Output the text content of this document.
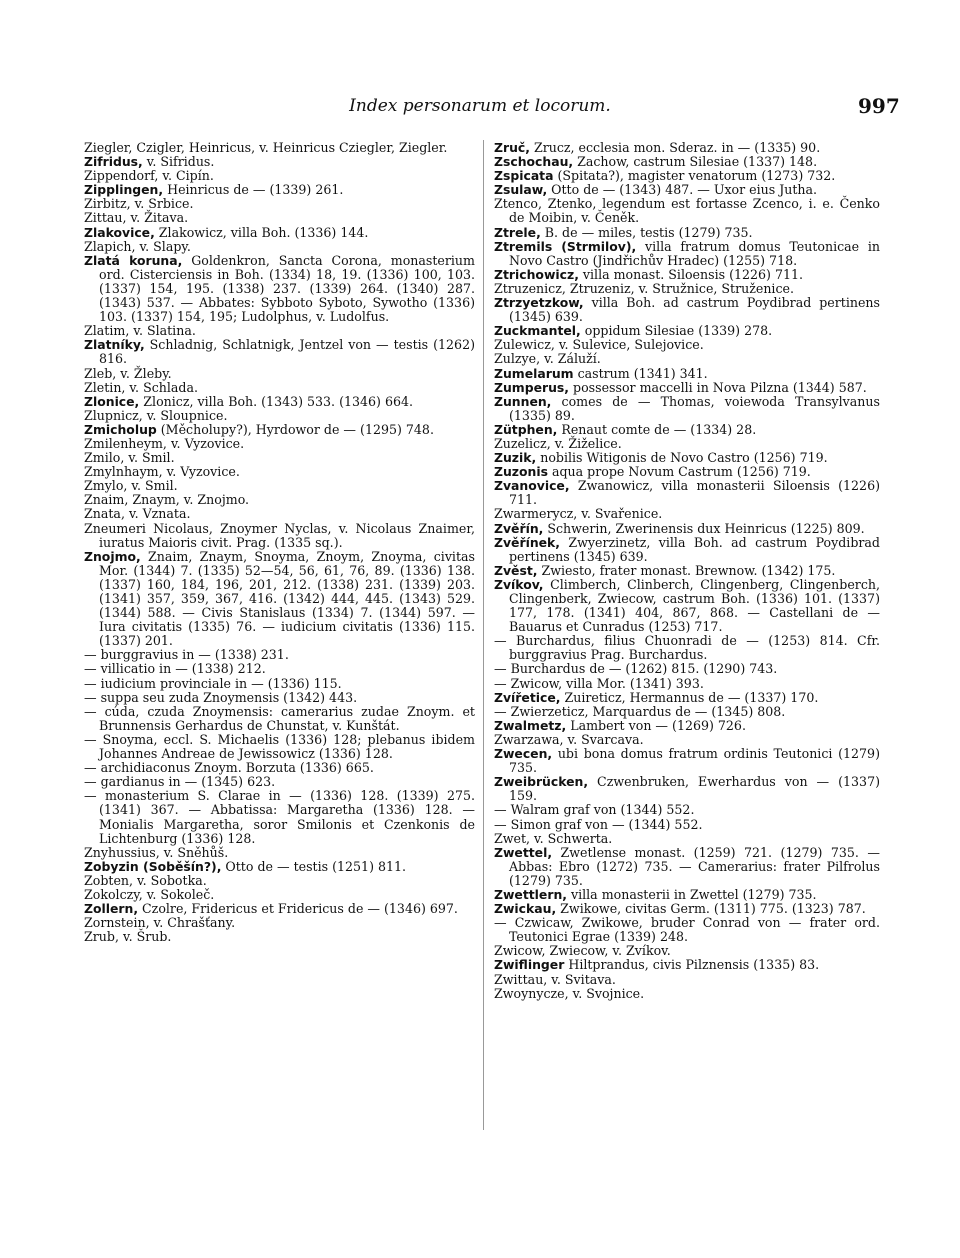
Index personarum et locorum.	997

Ziegler, Czigler, Heinricus, v. Heinricus Cziegler, Ziegler.

Zifridus, v. Sifridus.

Zippendorf, v. Cipín.

Zipplingen, Heinricus de — (1339) 261.

Zirbitz, v. Srbice.

Zittau, v. Žitava.

Zlakovice, Zlakowicz, villa Boh. (1336) 144.

Zlapich, v. Slapy.

Zlatá koruna, Goldenkron, Sancta Corona, monasterium ord. Cisterciensis in Boh. (1334) 18, 19. (1336) 100, 103. (1337) 154, 195. (1338) 237. (1339) 264. (1340) 287. (1343) 537. — Abbates: Sybboto Syboto, Sywotho (1336) 103. (1337) 154, 195; Ludolphus, v. Ludolfus.

Zlatim, v. Slatina.

Zlatníky, Schladnig, Schlatnigk, Jentzel von — testis (1262) 816.

Zleb, v. Žleby.

Zletin, v. Schlada.

Zlonice, Zlonicz, villa Boh. (1343) 533. (1346) 664.

Zlupnicz, v. Sloupnice.

Zmicholup (Měcholupy?), Hyrdowor de — (1295) 748.

Zmilenheym, v. Vyzovice.

Zmilo, v. Smil.

Zmylnhaym, v. Vyzovice.

Zmylo, v. Smil.

Znaim, Znaym, v. Znojmo.

Znata, v. Vznata.

Zneumeri Nicolaus, Znoymer Nyclas, v. Nicolaus Znaimer, iuratus Maioris civit. Prag. (1335 sq.).

Znojmo, Znaim, Znaym, Snoyma, Znoym, Znoyma, civitas Mor. (1344) 7. (1335) 52—54, 56, 61, 76, 89. (1336) 138. (1337) 160, 184, 196, 201, 212. (1338) 231. (1339) 203. (1341) 357, 359, 367, 416. (1342) 444, 445. (1343) 529. (1344) 588. — Civis Stanislaus (1334) 7. (1344) 597. — Iura civitatis (1335) 76. — iudicium civitatis (1336) 115. (1337) 201.

— burggravius in — (1338) 231.

— villicatio in — (1338) 212.

— iudicium provinciale in — (1336) 115.

— suppa seu zuda Znoymensis (1342) 443.

— cúda, czuda Znoymensis: camerarius zudae Znoym. et Brunnensis Gerhardus de Chunstat, v. Kunštát.

— Snoyma, eccl. S. Michaelis (1336) 128; plebanus ibidem Johannes Andreae de Jewissowicz (1336) 128.

— archidiaconus Znoym. Borzuta (1336) 665.

— gardianus in — (1345) 623.

— monasterium S. Clarae in — (1336) 128. (1339) 275. (1341) 367. — Abbatissa: Margaretha (1336) 128. — Monialis Margaretha, soror Smilonis et Czenkonis de Lichtenburg (1336) 128.

Znyhussius, v. Sněhůš.

Zobyzin (Soběšín?), Otto de — testis (1251) 811.

Zobten, v. Sobotka.

Zokolczy, v. Sokoleč.

Zollern, Czolre, Fridericus et Fridericus de — (1346) 697.

Zornstein, v. Chrašťany.

Zrub, v. Šrub.

Zruč, Zrucz, ecclesia mon. Sderaz. in — (1335) 90.

Zschochau, Zachow, castrum Silesiae (1337) 148.

Zspicata (Spitata?), magister venatorum (1273) 732.

Zsulaw, Otto de — (1343) 487. — Uxor eius Jutha.

Ztenco, Ztenko, legendum est fortasse Zcenco, i. e. Čenko de Moibin, v. Čeněk.

Ztrele, B. de — miles, testis (1279) 735.

Ztremils (Strmilov), villa fratrum domus Teutonicae in Novo Castro (Jindřichův Hradec) (1255) 718.

Ztrichowicz, villa monast. Siloensis (1226) 711.

Ztruzenicz, Ztruzeniz, v. Stružnice, Struženice.

Ztrzyetzkow, villa Boh. ad castrum Poydibrad pertinens (1345) 639.

Zuckmantel, oppidum Silesiae (1339) 278.

Zulewicz, v. Sulevice, Sulejovice.

Zulzye, v. Záluží.

Zumelarum castrum (1341) 341.

Zumperus, possessor maccelli in Nova Pilzna (1344) 587.

Zunnen, comes de — Thomas, voiewoda Transylvanus (1335) 89.

Zütphen, Renaut comte de — (1334) 28.

Zuzelicz, v. Žiželice.

Zuzik, nobilis Witigonis de Novo Castro (1256) 719.

Zuzonis aqua prope Novum Castrum (1256) 719.

Zvanovice, Zwanowicz, villa monasterii Siloensis (1226) 711.

Zwarmerycz, v. Svařenice.

Zvěřín, Schwerin, Zwerinensis dux Heinricus (1225) 809.

Zvěřínek, Zwyerzinetz, villa Boh. ad castrum Poydibrad pertinens (1345) 639.

Zvěst, Zwiesto, frater monast. Brewnow. (1342) 175.

Zvíkov, Climberch, Clinberch, Clingenberg, Clingenberch, Clingenberk, Zwiecow, castrum Boh. (1336) 101. (1337) 177, 178. (1341) 404, 867, 868. — Castellani de — Bauarus et Cunradus (1253) 717.

— Burchardus, filius Chuonradi de — (1253) 814. Cfr. burggravius Prag. Burchardus.

— Burchardus de — (1262) 815. (1290) 743.

— Zwicow, villa Mor. (1341) 393.

Zvířetice, Zuireticz, Hermannus de — (1337) 170.

— Zwierzeticz, Marquardus de — (1345) 808.

Zwalmetz, Lambert von — (1269) 726.

Zwarzawa, v. Svarcava.

Zwecen, ubi bona domus fratrum ordinis Teutonici (1279) 735.

Zweibrücken, Czwenbruken, Ewerhardus von — (1337) 159.

— Walram graf von (1344) 552.

— Simon graf von — (1344) 552.

Zwet, v. Schwerta.

Zwettel, Zwetlense monast. (1259) 721. (1279) 735. — Abbas: Ebro (1272) 735. — Camerarius: frater Pilfrolus (1279) 735.

Zwettlern, villa monasterii in Zwettel (1279) 735.

Zwickau, Zwikowe, civitas Germ. (1311) 775. (1323) 787.

— Czwicaw, Zwikowe, bruder Conrad von — frater ord. Teutonici Egrae (1339) 248.

Zwicow, Zwiecow, v. Zvíkov.

Zwiflinger Hiltprandus, civis Pilznensis (1335) 83.

Zwittau, v. Svitava.

Zwoynycze, v. Svojnice.
